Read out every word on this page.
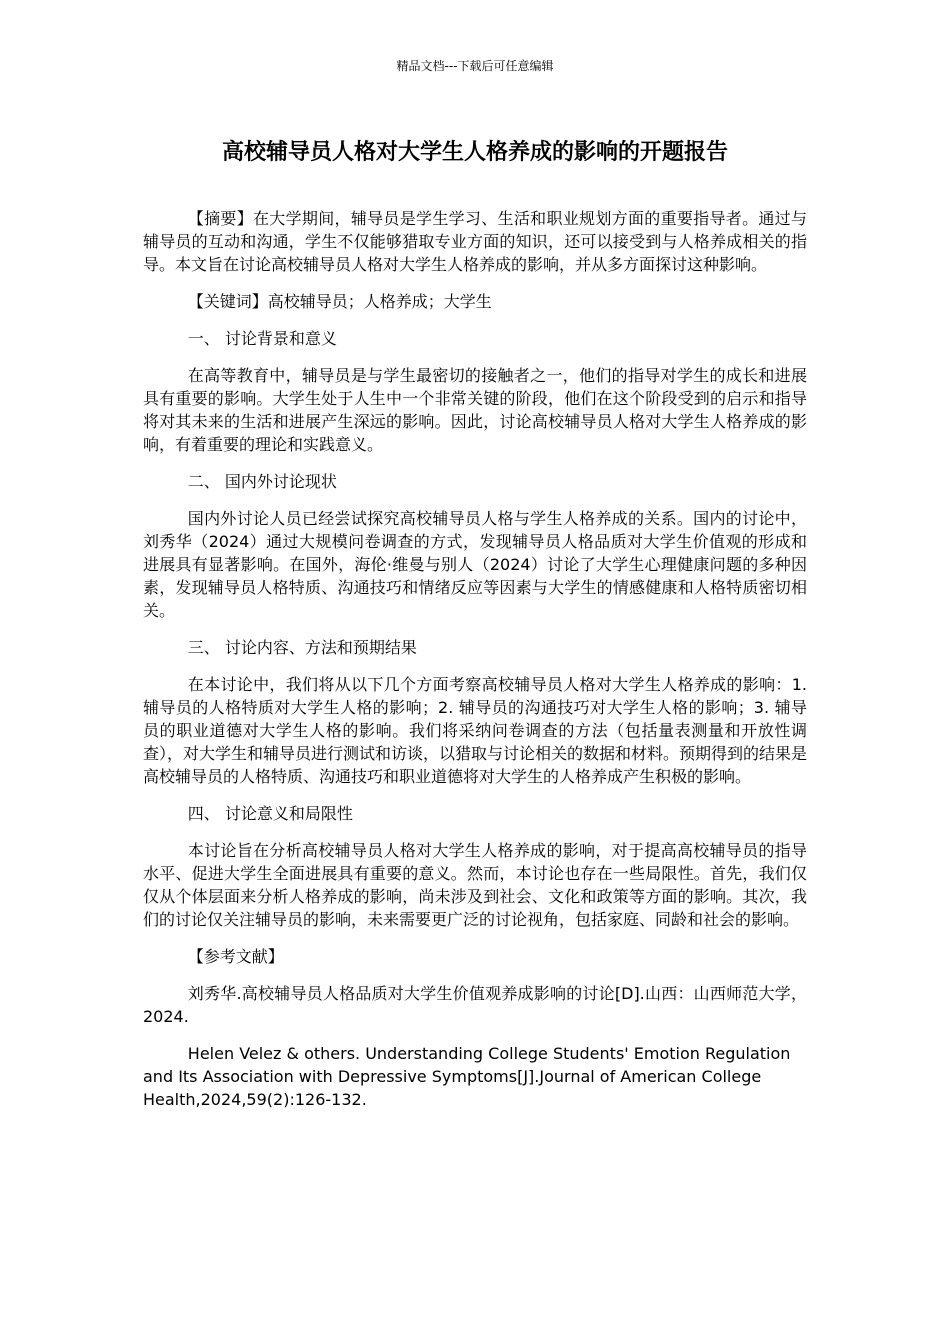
精品文档---下载后可任意编辑
高校辅导员人格对大学生人格养成的影响的开题报告

【摘要】在大学期间，辅导员是学生学习、生活和职业规划方面的重要指导者。通过与辅导员的互动和沟通，学生不仅能够猎取专业方面的知识，还可以接受到与人格养成相关的指导。本文旨在讨论高校辅导员人格对大学生人格养成的影响，并从多方面探讨这种影响。

【关键词】高校辅导员；人格养成；大学生

一、 讨论背景和意义

在高等教育中，辅导员是与学生最密切的接触者之一，他们的指导对学生的成长和进展具有重要的影响。大学生处于人生中一个非常关键的阶段，他们在这个阶段受到的启示和指导将对其未来的生活和进展产生深远的影响。因此，讨论高校辅导员人格对大学生人格养成的影响，有着重要的理论和实践意义。

二、 国内外讨论现状

国内外讨论人员已经尝试探究高校辅导员人格与学生人格养成的关系。国内的讨论中，刘秀华（2024）通过大规模问卷调查的方式，发现辅导员人格品质对大学生价值观的形成和进展具有显著影响。在国外，海伦·维曼与别人（2024）讨论了大学生心理健康问题的多种因素，发现辅导员人格特质、沟通技巧和情绪反应等因素与大学生的情感健康和人格特质密切相关。

三、 讨论内容、方法和预期结果

在本讨论中，我们将从以下几个方面考察高校辅导员人格对大学生人格养成的影响：1. 辅导员的人格特质对大学生人格的影响；2. 辅导员的沟通技巧对大学生人格的影响；3. 辅导员的职业道德对大学生人格的影响。我们将采纳问卷调查的方法（包括量表测量和开放性调查），对大学生和辅导员进行测试和访谈，以猎取与讨论相关的数据和材料。预期得到的结果是高校辅导员的人格特质、沟通技巧和职业道德将对大学生的人格养成产生积极的影响。

四、 讨论意义和局限性

本讨论旨在分析高校辅导员人格对大学生人格养成的影响，对于提高高校辅导员的指导水平、促进大学生全面进展具有重要的意义。然而，本讨论也存在一些局限性。首先，我们仅仅从个体层面来分析人格养成的影响，尚未涉及到社会、文化和政策等方面的影响。其次，我们的讨论仅关注辅导员的影响，未来需要更广泛的讨论视角，包括家庭、同龄和社会的影响。

【参考文献】

刘秀华.高校辅导员人格品质对大学生价值观养成影响的讨论[D].山西：山西师范大学，2024.

Helen Velez & others. Understanding College Students' Emotion Regulation and Its Association with Depressive Symptoms[J].Journal of American College Health,2024,59(2):126-132.
